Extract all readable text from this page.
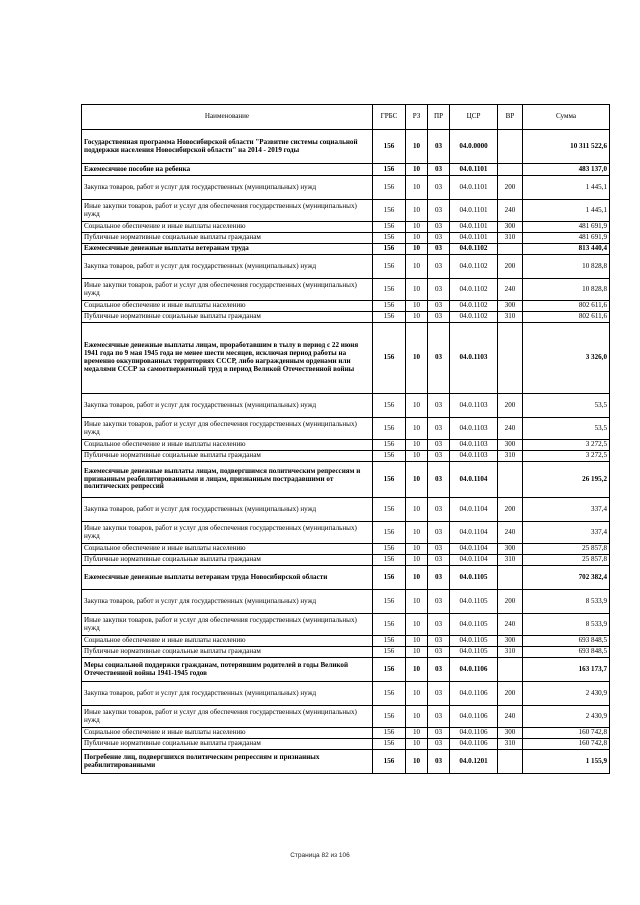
Наименование	ГРБС	РЗ	ПР	ЦСР	ВР	Сумма
Государственная программа Новосибирской области "Развитие системы социальной поддержки населения Новосибирской области" на 2014 - 2019 годы	156	10	03	04.0.0000		10 311 522,6
Ежемесячное пособие на ребенка	156	10	03	04.0.1101		483 137,0
Закупка товаров, работ и услуг для государственных (муниципальных) нужд	156	10	03	04.0.1101	200	1 445,1
Иные закупки товаров, работ и услуг для обеспечения государственных (муниципальных) нужд	156	10	03	04.0.1101	240	1 445,1
Социальное обеспечение и иные выплаты населению	156	10	03	04.0.1101	300	481 691,9
Публичные нормативные социальные выплаты гражданам	156	10	03	04.0.1101	310	481 691,9
Ежемесячные денежные выплаты ветеранам труда	156	10	03	04.0.1102		813 440,4
Закупка товаров, работ и услуг для государственных (муниципальных) нужд	156	10	03	04.0.1102	200	10 828,8
Иные закупки товаров, работ и услуг для обеспечения государственных (муниципальных) нужд	156	10	03	04.0.1102	240	10 828,8
Социальное обеспечение и иные выплаты населению	156	10	03	04.0.1102	300	802 611,6
Публичные нормативные социальные выплаты гражданам	156	10	03	04.0.1102	310	802 611,6
Ежемесячные денежные выплаты лицам, проработавшим в тылу в период с 22 июня 1941 года по 9 мая 1945 года не менее шести месяцев, исключая период работы на временно оккупированных территориях СССР, либо награжденным орденами или медалями СССР за самоотверженный труд в период Великой Отечественной войны	156	10	03	04.0.1103		3 326,0
Закупка товаров, работ и услуг для государственных (муниципальных) нужд	156	10	03	04.0.1103	200	53,5
Иные закупки товаров, работ и услуг для обеспечения государственных (муниципальных) нужд	156	10	03	04.0.1103	240	53,5
Социальное обеспечение и иные выплаты населению	156	10	03	04.0.1103	300	3 272,5
Публичные нормативные социальные выплаты гражданам	156	10	03	04.0.1103	310	3 272,5
Ежемесячные денежные выплаты лицам, подвергшимся политическим репрессиям и признанным реабилитированными и лицам, признанным пострадавшими от политических репрессий	156	10	03	04.0.1104		26 195,2
Закупка товаров, работ и услуг для государственных (муниципальных) нужд	156	10	03	04.0.1104	200	337,4
Иные закупки товаров, работ и услуг для обеспечения государственных (муниципальных) нужд	156	10	03	04.0.1104	240	337,4
Социальное обеспечение и иные выплаты населению	156	10	03	04.0.1104	300	25 857,8
Публичные нормативные социальные выплаты гражданам	156	10	03	04.0.1104	310	25 857,8
Ежемесячные денежные выплаты ветеранам труда Новосибирской области	156	10	03	04.0.1105		702 382,4
Закупка товаров, работ и услуг для государственных (муниципальных) нужд	156	10	03	04.0.1105	200	8 533,9
Иные закупки товаров, работ и услуг для обеспечения государственных (муниципальных) нужд	156	10	03	04.0.1105	240	8 533,9
Социальное обеспечение и иные выплаты населению	156	10	03	04.0.1105	300	693 848,5
Публичные нормативные социальные выплаты гражданам	156	10	03	04.0.1105	310	693 848,5
Меры социальной поддержки гражданам, потерявшим родителей в годы Великой Отечественной войны 1941-1945 годов	156	10	03	04.0.1106		163 173,7
Закупка товаров, работ и услуг для государственных (муниципальных) нужд	156	10	03	04.0.1106	200	2 430,9
Иные закупки товаров, работ и услуг для обеспечения государственных (муниципальных) нужд	156	10	03	04.0.1106	240	2 430,9
Социальное обеспечение и иные выплаты населению	156	10	03	04.0.1106	300	160 742,8
Публичные нормативные социальные выплаты гражданам	156	10	03	04.0.1106	310	160 742,8
Погребение лиц, подвергшихся политическим репрессиям и признанных реабилитированными	156	10	03	04.0.1201		1 155,9
Страница 82 из 106
